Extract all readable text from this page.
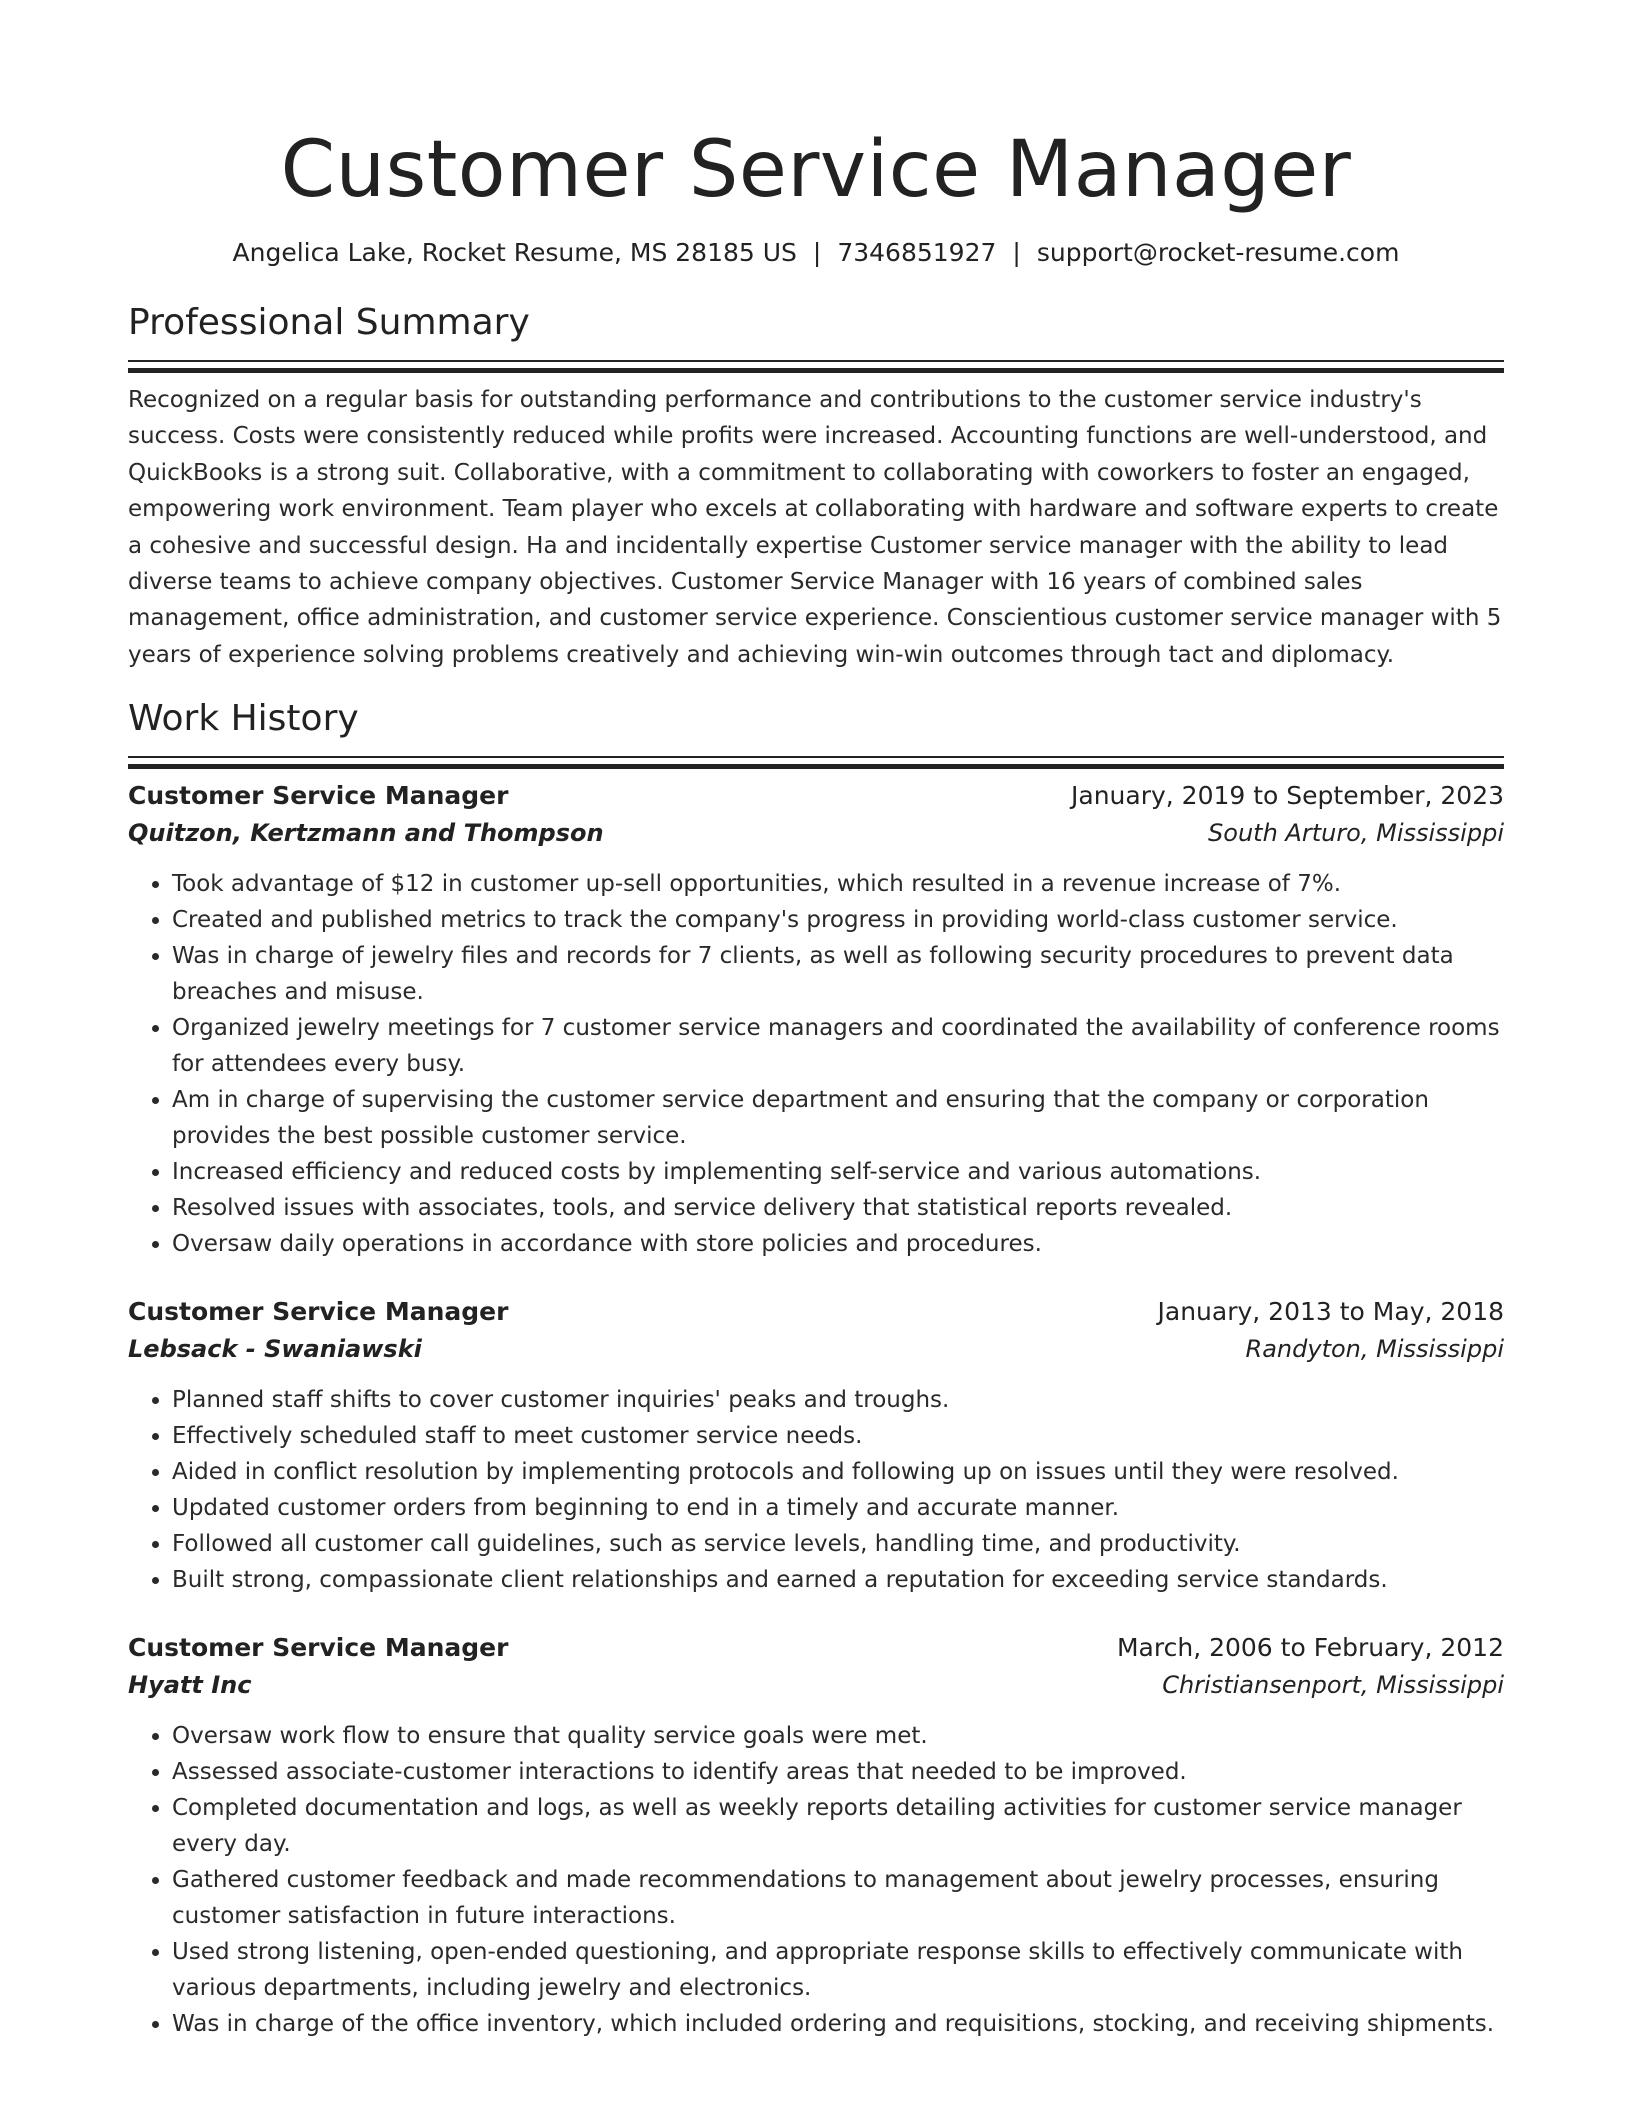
Customer Service Manager
Angelica Lake, Rocket Resume, MS 28185 US | 7346851927 | support@rocket-resume.com
Professional Summary

Recognized on a regular basis for outstanding performance and contributions to the customer service industry's success. Costs were consistently reduced while profits were increased. Accounting functions are well-understood, and QuickBooks is a strong suit. Collaborative, with a commitment to collaborating with coworkers to foster an engaged, empowering work environment. Team player who excels at collaborating with hardware and software experts to create a cohesive and successful design. Ha and incidentally expertise Customer service manager with the ability to lead diverse teams to achieve company objectives. Customer Service Manager with 16 years of combined sales management, office administration, and customer service experience. Conscientious customer service manager with 5 years of experience solving problems creatively and achieving win-win outcomes through tact and diplomacy.

Work History
Customer Service Manager	January, 2019 to September, 2023
Quitzon, Kertzmann and Thompson	South Arturo, Mississippi
• Took advantage of $12 in customer up-sell opportunities, which resulted in a revenue increase of 7%.
• Created and published metrics to track the company's progress in providing world-class customer service.
• Was in charge of jewelry files and records for 7 clients, as well as following security procedures to prevent data breaches and misuse.
• Organized jewelry meetings for 7 customer service managers and coordinated the availability of conference rooms for attendees every busy.
• Am in charge of supervising the customer service department and ensuring that the company or corporation provides the best possible customer service.
• Increased efficiency and reduced costs by implementing self-service and various automations.
• Resolved issues with associates, tools, and service delivery that statistical reports revealed.
• Oversaw daily operations in accordance with store policies and procedures.
Customer Service Manager	January, 2013 to May, 2018
Lebsack - Swaniawski	Randyton, Mississippi
• Planned staff shifts to cover customer inquiries' peaks and troughs.
• Effectively scheduled staff to meet customer service needs.
• Aided in conflict resolution by implementing protocols and following up on issues until they were resolved.
• Updated customer orders from beginning to end in a timely and accurate manner.
• Followed all customer call guidelines, such as service levels, handling time, and productivity.
• Built strong, compassionate client relationships and earned a reputation for exceeding service standards.
Customer Service Manager	March, 2006 to February, 2012
Hyatt Inc	Christiansenport, Mississippi
• Oversaw work flow to ensure that quality service goals were met.
• Assessed associate-customer interactions to identify areas that needed to be improved.
• Completed documentation and logs, as well as weekly reports detailing activities for customer service manager every day.
• Gathered customer feedback and made recommendations to management about jewelry processes, ensuring customer satisfaction in future interactions.
• Used strong listening, open-ended questioning, and appropriate response skills to effectively communicate with various departments, including jewelry and electronics.
• Was in charge of the office inventory, which included ordering and requisitions, stocking, and receiving shipments.
